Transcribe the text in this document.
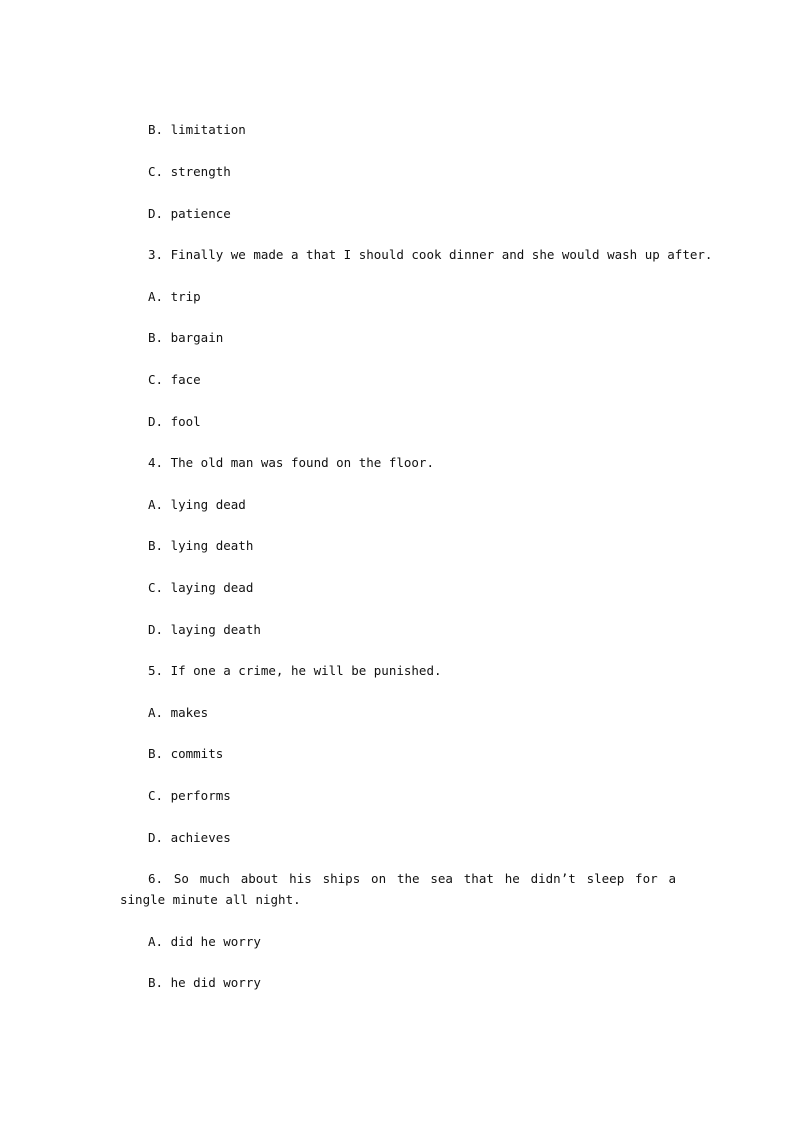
B. limitation
C. strength
D. patience
3. Finally we made a that I should cook dinner and she would wash up after.
A. trip
B. bargain
C. face
D. fool
4. The old man was found on the floor.
A. lying dead
B. lying death
C. laying dead
D. laying death
5. If one a crime, he will be punished.
A. makes
B. commits
C. performs
D. achieves
6. So much about his ships on the sea that he didn’t sleep for a single minute all night.
A. did he worry
B. he did worry
